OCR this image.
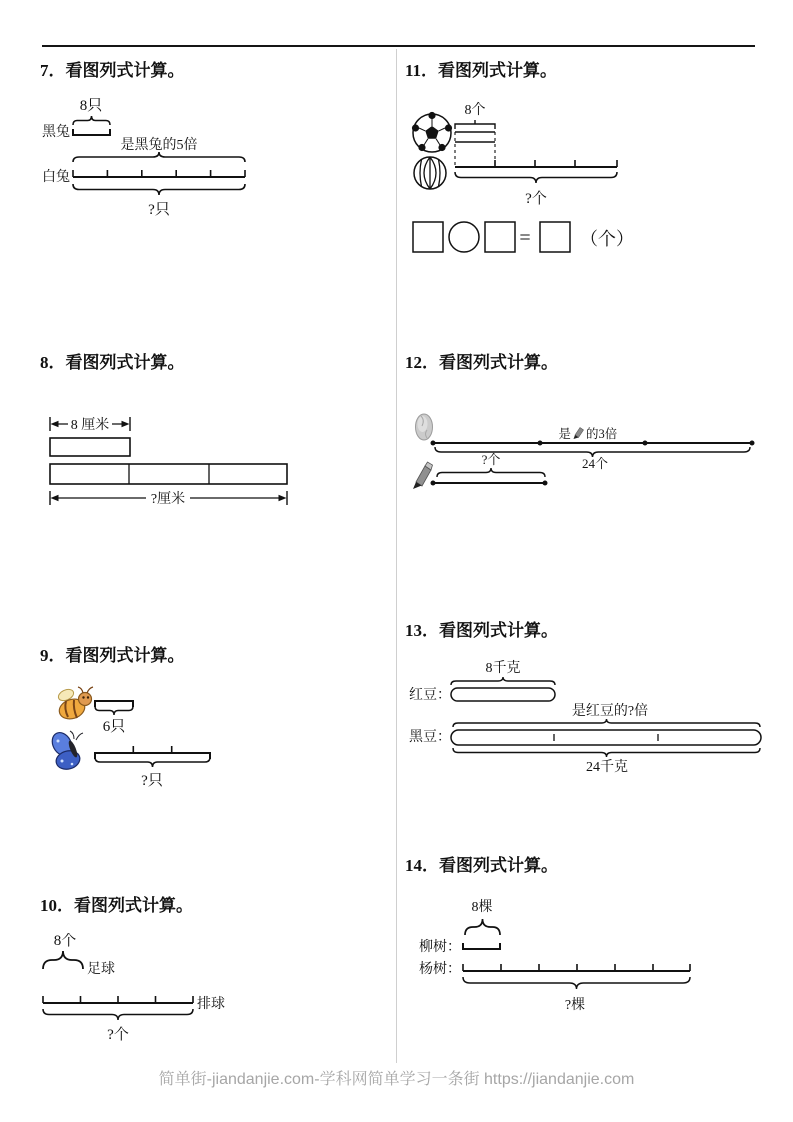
7．看图列式计算。
8只
黑兔
是黑兔的5倍
白兔
?只
8．看图列式计算。
8 厘米
?厘米
9．看图列式计算。
6只
?只
10．看图列式计算。
8个
足球
排球
?个
11．看图列式计算。
8个
?个
=	（个）
12．看图列式计算。
是 的3倍
24个
?个
13．看图列式计算。
8千克
红豆：
是红豆的?倍
黑豆：
24千克
14．看图列式计算。
8棵
柳树：
杨树：
?棵
简单街-jiandanjie.com-学科网简单学习一条街 https://jiandanjie.com
